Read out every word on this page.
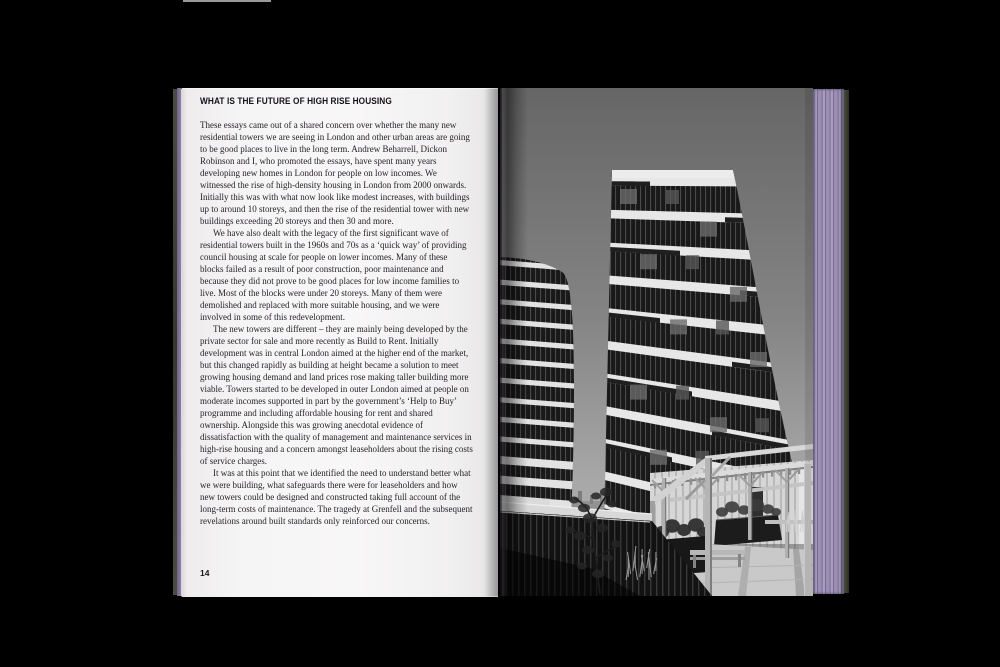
WHAT IS THE FUTURE OF HIGH RISE HOUSING

These essays came out of a shared concern over whether the many new residential towers we are seeing in London and other urban areas are going to be good places to live in the long term. Andrew Beharrell, Dickon Robinson and I, who promoted the essays, have spent many years developing new homes in London for people on low incomes. We witnessed the rise of high-density housing in London from 2000 onwards. Initially this was with what now look like modest increases, with buildings up to around 10 storeys, and then the rise of the residential tower with new buildings exceeding 20 storeys and then 30 and more.

We have also dealt with the legacy of the first significant wave of residential towers built in the 1960s and 70s as a ‘quick way’ of providing council housing at scale for people on lower incomes. Many of these blocks failed as a result of poor construction, poor maintenance and because they did not prove to be good places for low income families to live. Most of the blocks were under 20 storeys. Many of them were demolished and replaced with more suitable housing, and we were involved in some of this redevelopment.

The new towers are different – they are mainly being developed by the private sector for sale and more recently as Build to Rent. Initially development was in central London aimed at the higher end of the market, but this changed rapidly as building at height became a solution to meet growing housing demand and land prices rose making taller building more viable. Towers started to be developed in outer London aimed at people on moderate incomes supported in part by the government’s ‘Help to Buy’ programme and including affordable housing for rent and shared ownership. Alongside this was growing anecdotal evidence of dissatisfaction with the quality of management and maintenance services in high-rise housing and a concern amongst leaseholders about the rising costs of service charges.

It was at this point that we identified the need to understand better what we were building, what safeguards there were for leaseholders and how new towers could be designed and constructed taking full account of the long-term costs of maintenance. The tragedy at Grenfell and the subsequent revelations around built standards only reinforced our concerns.

14
